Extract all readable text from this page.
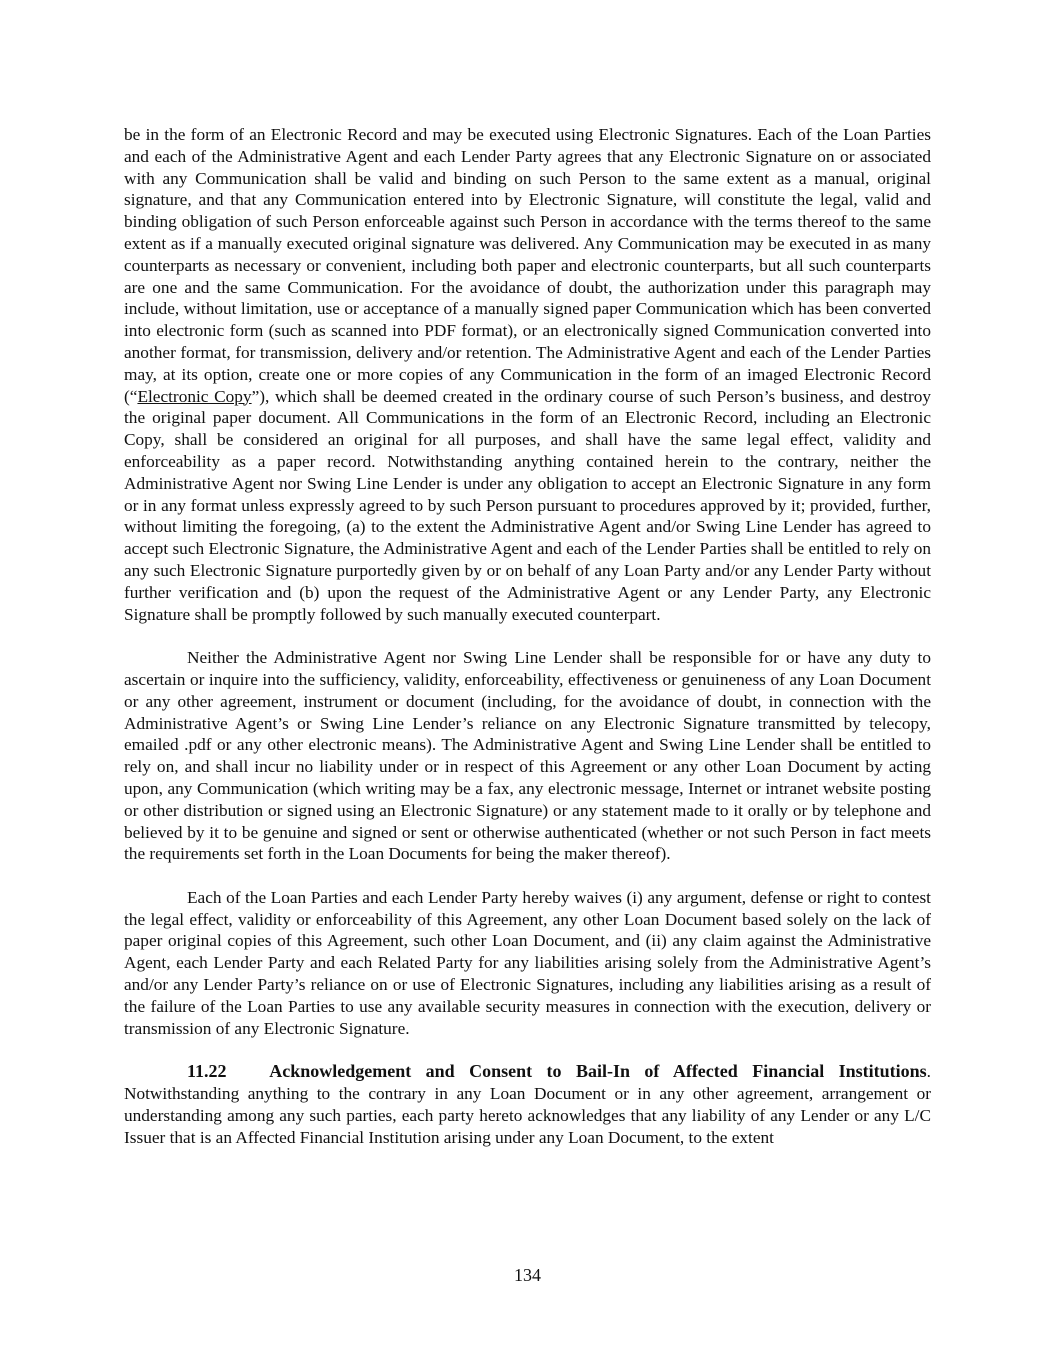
be in the form of an Electronic Record and may be executed using Electronic Signatures. Each of the Loan Parties and each of the Administrative Agent and each Lender Party agrees that any Electronic Signature on or associated with any Communication shall be valid and binding on such Person to the same extent as a manual, original signature, and that any Communication entered into by Electronic Signature, will constitute the legal, valid and binding obligation of such Person enforceable against such Person in accordance with the terms thereof to the same extent as if a manually executed original signature was delivered. Any Communication may be executed in as many counterparts as necessary or convenient, including both paper and electronic counterparts, but all such counterparts are one and the same Communication. For the avoidance of doubt, the authorization under this paragraph may include, without limitation, use or acceptance of a manually signed paper Communication which has been converted into electronic form (such as scanned into PDF format), or an electronically signed Communication converted into another format, for transmission, delivery and/or retention. The Administrative Agent and each of the Lender Parties may, at its option, create one or more copies of any Communication in the form of an imaged Electronic Record (“Electronic Copy”), which shall be deemed created in the ordinary course of such Person’s business, and destroy the original paper document. All Communications in the form of an Electronic Record, including an Electronic Copy, shall be considered an original for all purposes, and shall have the same legal effect, validity and enforceability as a paper record. Notwithstanding anything contained herein to the contrary, neither the Administrative Agent nor Swing Line Lender is under any obligation to accept an Electronic Signature in any form or in any format unless expressly agreed to by such Person pursuant to procedures approved by it; provided, further, without limiting the foregoing, (a) to the extent the Administrative Agent and/or Swing Line Lender has agreed to accept such Electronic Signature, the Administrative Agent and each of the Lender Parties shall be entitled to rely on any such Electronic Signature purportedly given by or on behalf of any Loan Party and/or any Lender Party without further verification and (b) upon the request of the Administrative Agent or any Lender Party, any Electronic Signature shall be promptly followed by such manually executed counterpart.

Neither the Administrative Agent nor Swing Line Lender shall be responsible for or have any duty to ascertain or inquire into the sufficiency, validity, enforceability, effectiveness or genuineness of any Loan Document or any other agreement, instrument or document (including, for the avoidance of doubt, in connection with the Administrative Agent’s or Swing Line Lender’s reliance on any Electronic Signature transmitted by telecopy, emailed .pdf or any other electronic means). The Administrative Agent and Swing Line Lender shall be entitled to rely on, and shall incur no liability under or in respect of this Agreement or any other Loan Document by acting upon, any Communication (which writing may be a fax, any electronic message, Internet or intranet website posting or other distribution or signed using an Electronic Signature) or any statement made to it orally or by telephone and believed by it to be genuine and signed or sent or otherwise authenticated (whether or not such Person in fact meets the requirements set forth in the Loan Documents for being the maker thereof).

Each of the Loan Parties and each Lender Party hereby waives (i) any argument, defense or right to contest the legal effect, validity or enforceability of this Agreement, any other Loan Document based solely on the lack of paper original copies of this Agreement, such other Loan Document, and (ii) any claim against the Administrative Agent, each Lender Party and each Related Party for any liabilities arising solely from the Administrative Agent’s and/or any Lender Party’s reliance on or use of Electronic Signatures, including any liabilities arising as a result of the failure of the Loan Parties to use any available security measures in connection with the execution, delivery or transmission of any Electronic Signature.

11.22 Acknowledgement and Consent to Bail-In of Affected Financial Institutions. Notwithstanding anything to the contrary in any Loan Document or in any other agreement, arrangement or understanding among any such parties, each party hereto acknowledges that any liability of any Lender or any L/C Issuer that is an Affected Financial Institution arising under any Loan Document, to the extent

134
